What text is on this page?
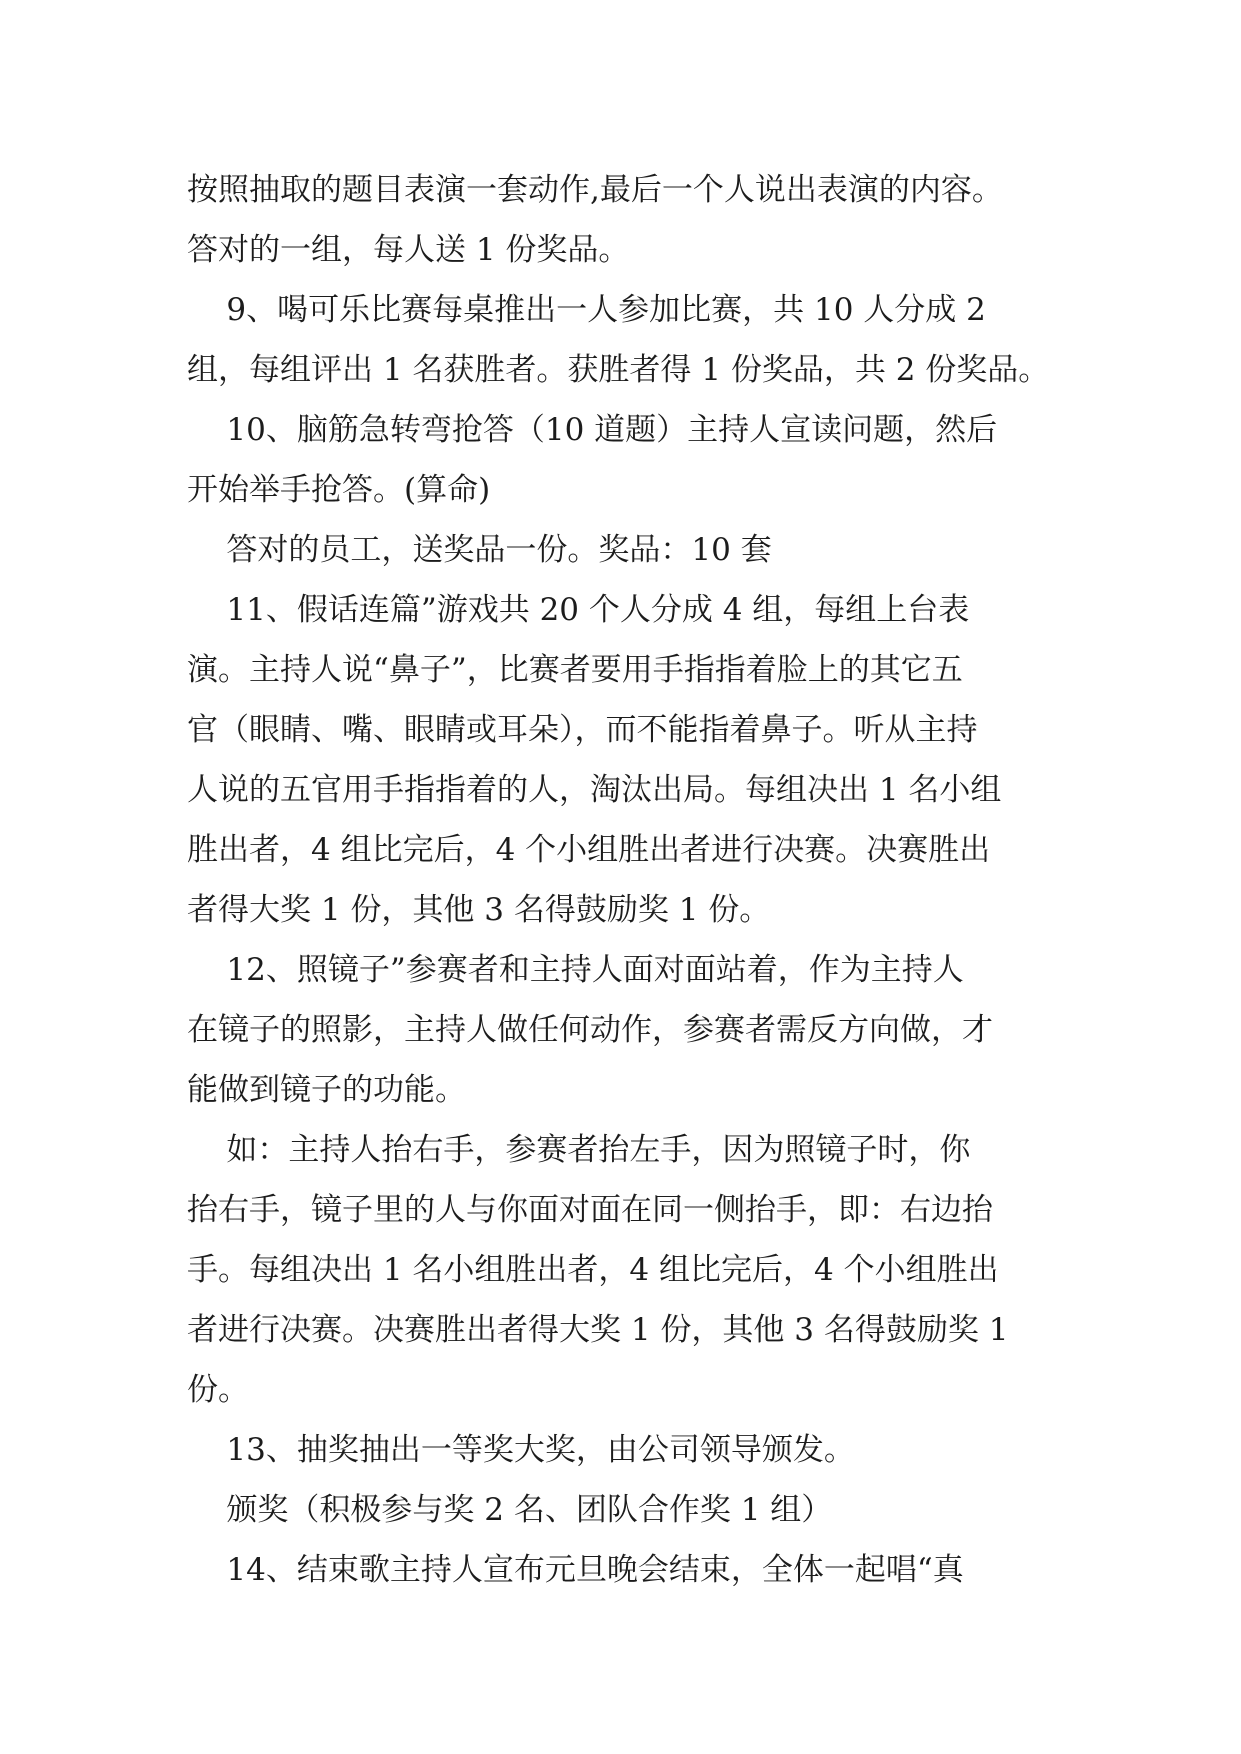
按照抽取的题目表演一套动作,最后一个人说出表演的内容。
答对的一组，每人送 1 份奖品。
9、喝可乐比赛每桌推出一人参加比赛，共 10 人分成 2
组，每组评出 1 名获胜者。获胜者得 1 份奖品，共 2 份奖品。
10、脑筋急转弯抢答（10 道题）主持人宣读问题，然后
开始举手抢答。(算命)
答对的员工，送奖品一份。奖品：10 套
11、假话连篇”游戏共 20 个人分成 4 组，每组上台表
演。主持人说“鼻子”，比赛者要用手指指着脸上的其它五
官（眼睛、嘴、眼睛或耳朵），而不能指着鼻子。听从主持
人说的五官用手指指着的人，淘汰出局。每组决出 1 名小组
胜出者，4 组比完后，4 个小组胜出者进行决赛。决赛胜出
者得大奖 1 份，其他 3 名得鼓励奖 1 份。
12、照镜子”参赛者和主持人面对面站着，作为主持人
在镜子的照影，主持人做任何动作，参赛者需反方向做，才
能做到镜子的功能。
如：主持人抬右手，参赛者抬左手，因为照镜子时，你
抬右手，镜子里的人与你面对面在同一侧抬手，即：右边抬
手。每组决出 1 名小组胜出者，4 组比完后，4 个小组胜出
者进行决赛。决赛胜出者得大奖 1 份，其他 3 名得鼓励奖 1
份。
13、抽奖抽出一等奖大奖，由公司领导颁发。
颁奖（积极参与奖 2 名、团队合作奖 1 组）
14、结束歌主持人宣布元旦晚会结束，全体一起唱“真
